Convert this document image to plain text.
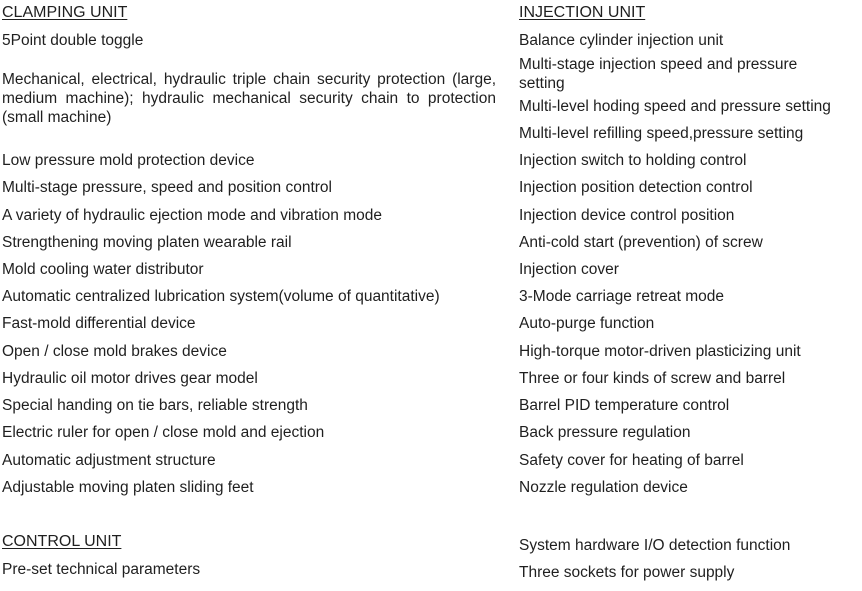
CLAMPING UNIT	INJECTION UNIT
CONTROL UNIT
5Point double toggle
Mechanical, electrical, hydraulic triple chain security protection (large, medium machine); hydraulic mechanical security chain to protection (small machine)
Low pressure mold protection device
Multi-stage pressure, speed and position control
A variety of hydraulic ejection mode and vibration mode
Strengthening moving platen wearable rail
Mold cooling water distributor
Automatic centralized lubrication system(volume of quantitative)
Fast-mold differential device
Open / close mold brakes device
Hydraulic oil motor drives gear model
Special handing on tie bars, reliable strength
Electric ruler for open / close mold and ejection
Automatic adjustment structure
Adjustable moving platen sliding feet
Balance cylinder injection unit
Multi-stage injection speed and pressure setting
Multi-level hoding speed and pressure setting
Multi-level refilling speed,pressure setting
Injection switch to holding control
Injection position detection control
Injection device control position
Anti-cold start (prevention) of screw
Injection cover
3-Mode carriage retreat mode
Auto-purge function
High-torque motor-driven plasticizing unit
Three or four kinds of screw and barrel
Barrel PID temperature control
Back pressure regulation
Safety cover for heating of barrel
Nozzle regulation device
Pre-set technical parameters
System hardware I/O detection function
Three sockets for power supply
